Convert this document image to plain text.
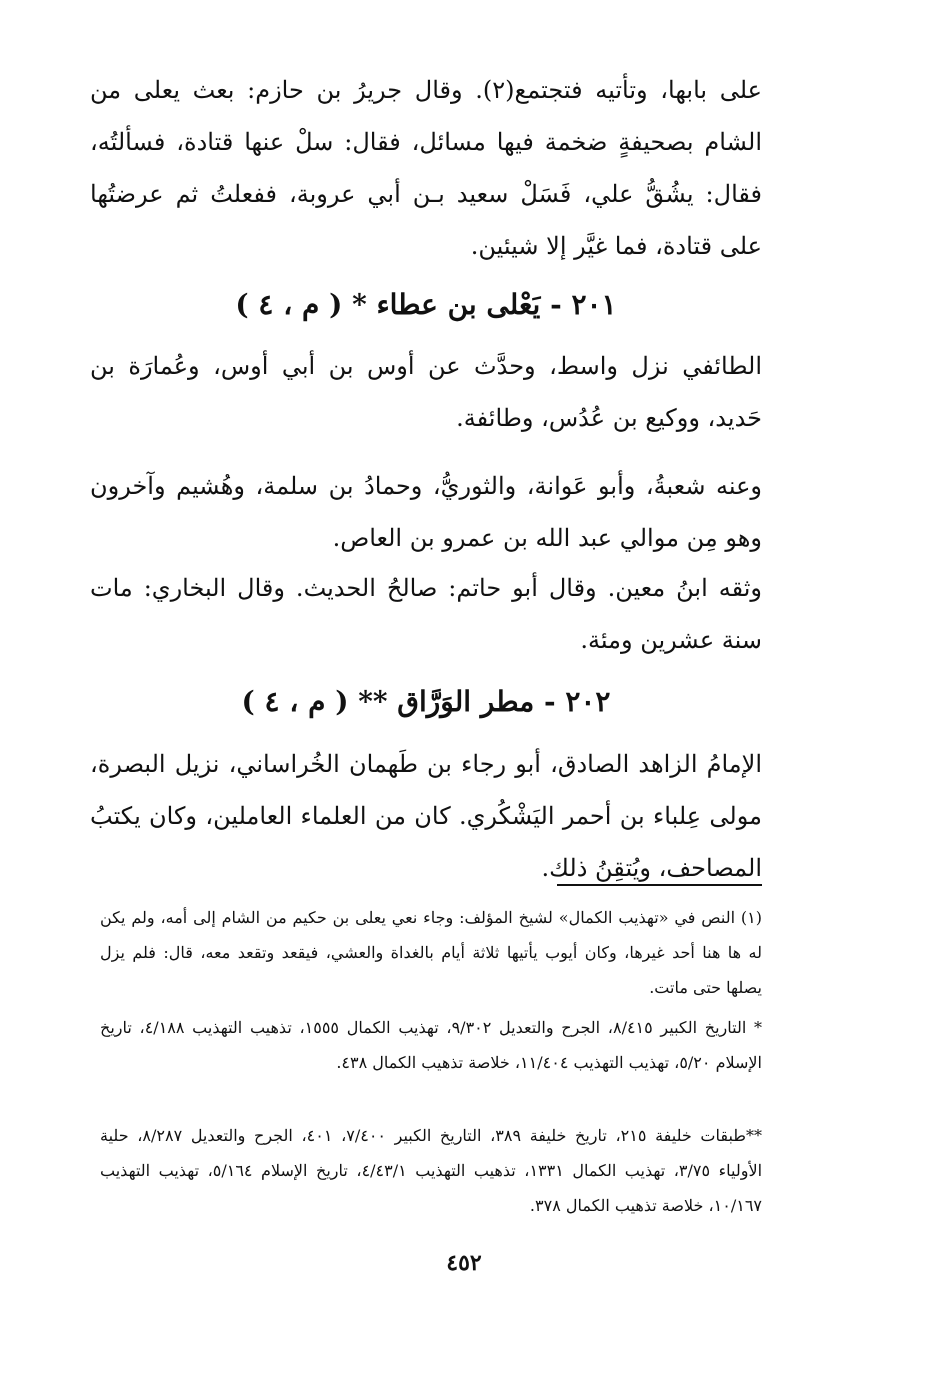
على بابها، وتأتيه فتجتمع(٢). وقال جريرُ بن حازم: بعث يعلى من الشام بصحيفةٍ ضخمة فيها مسائل، فقال: سلْ عنها قتادة، فسألتُه، فقال: يشُقُّ علي، فَسَلْ سعيد بـن أبي عروبة، ففعلتُ ثم عرضتُها على قتادة، فما غيَّر إلا شيئين.

٢٠١ - يَعْلى بن عطاء * ( م ، ٤ )

الطائفي نزل واسط، وحدَّث عن أوس بن أبي أوس، وعُمارَة بن حَديد، ووكيع بن عُدُس، وطائفة.

وعنه شعبةُ، وأبو عَوانة، والثوريُّ، وحمادُ بن سلمة، وهُشيم وآخرون وهو مِن موالي عبد الله بن عمرو بن العاص.

وثقه ابنُ معين. وقال أبو حاتم: صالحُ الحديث. وقال البخاري: مات سنة عشرين ومئة.

٢٠٢ - مطر الوَرَّاق ** ( م ، ٤ )

الإمامُ الزاهد الصادق، أبو رجاء بن طَهمان الخُراساني، نزيل البصرة، مولى عِلباء بن أحمر اليَشْكُري. كان من العلماء العاملين، وكان يكتبُ المصاحف، ويُتقِنُ ذلك.

(١) النص في «تهذيب الكمال» لشيخ المؤلف: وجاء نعي يعلى بن حكيم من الشام إلى أمه، ولم يكن له ها هنا أحد غيرها، وكان أيوب يأتيها ثلاثة أيام بالغداة والعشي، فيقعد وتقعد معه، قال: فلم يزل يصلها حتى ماتت.

* التاريخ الكبير ٨/٤١٥، الجرح والتعديل ٩/٣٠٢، تهذيب الكمال ١٥٥٥، تذهيب التهذيب ٤/١٨٨، تاريخ الإسلام ٥/٢٠، تهذيب التهذيب ١١/٤٠٤، خلاصة تذهيب الكمال ٤٣٨.

**طبقات خليفة ٢١٥، تاريخ خليفة ٣٨٩، التاريخ الكبير ٧/٤٠٠، ٤٠١، الجرح والتعديل ٨/٢٨٧، حلية الأولياء ٣/٧٥، تهذيب الكمال ١٣٣١، تذهيب التهذيب ٤/٤٣/١، تاريخ الإسلام ٥/١٦٤، تهذيب التهذيب ١٠/١٦٧، خلاصة تذهيب الكمال ٣٧٨.

٤٥٢
